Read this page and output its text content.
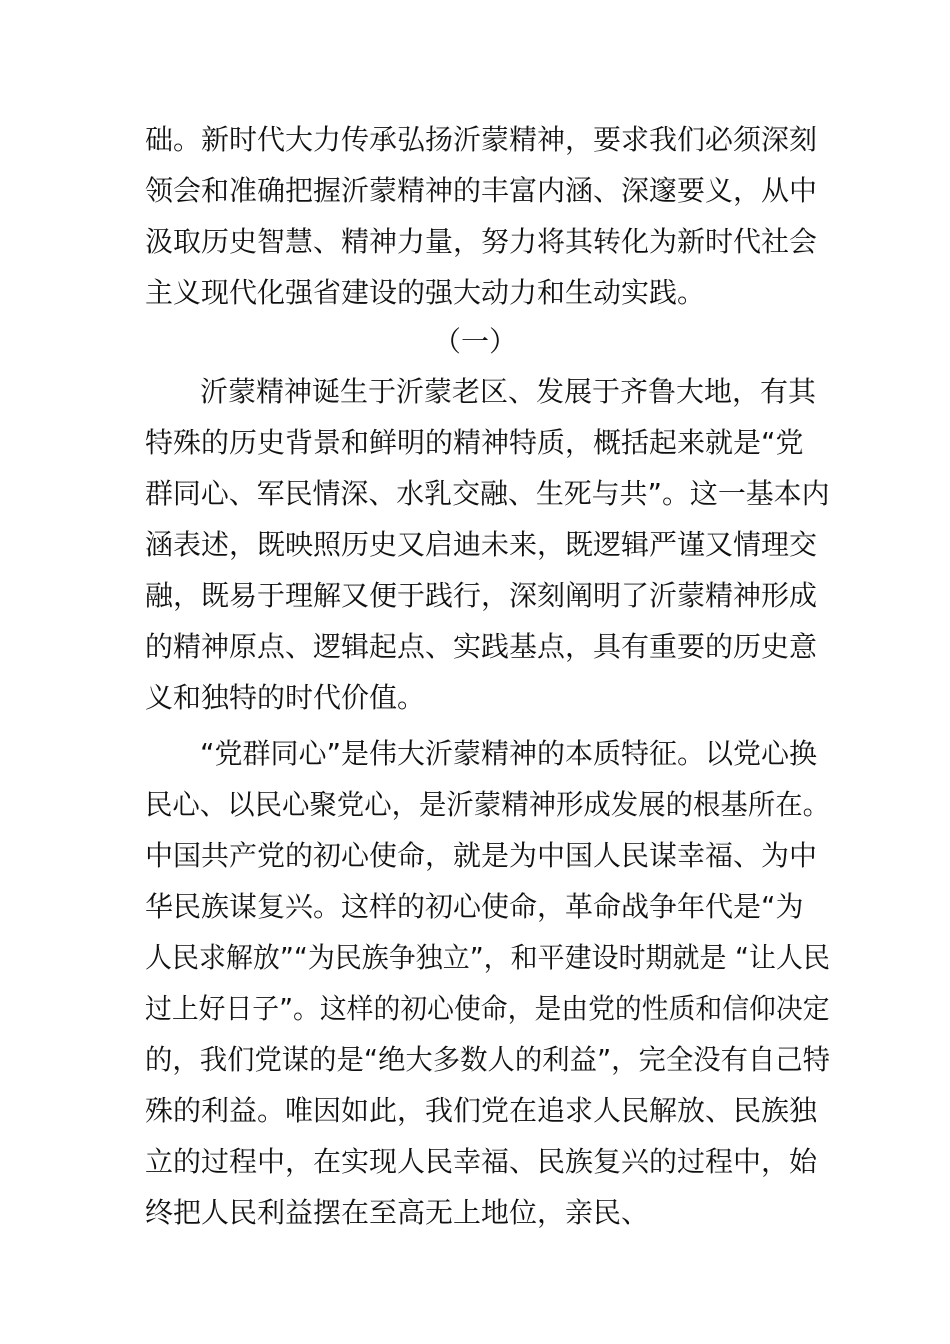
础。新时代大力传承弘扬沂蒙精神，要求我们必须深刻
领会和准确把握沂蒙精神的丰富内涵、深邃要义，从中
汲取历史智慧、精神力量，努力将其转化为新时代社会
主义现代化强省建设的强大动力和生动实践。
（一）
沂蒙精神诞生于沂蒙老区、发展于齐鲁大地，有其
特殊的历史背景和鲜明的精神特质，概括起来就是“党
群同心、军民情深、水乳交融、生死与共”。这一基本内
涵表述，既映照历史又启迪未来，既逻辑严谨又情理交
融，既易于理解又便于践行，深刻阐明了沂蒙精神形成
的精神原点、逻辑起点、实践基点，具有重要的历史意
义和独特的时代价值。
“党群同心”是伟大沂蒙精神的本质特征。以党心换
民心、以民心聚党心，是沂蒙精神形成发展的根基所在。
中国共产党的初心使命，就是为中国人民谋幸福、为中
华民族谋复兴。这样的初心使命，革命战争年代是“为
人民求解放”“为民族争独立”，和平建设时期就是 “让人民
过上好日子”。这样的初心使命，是由党的性质和信仰决定
的，我们党谋的是“绝大多数人的利益”，完全没有自己特
殊的利益。唯因如此，我们党在追求人民解放、民族独
立的过程中，在实现人民幸福、民族复兴的过程中，始
终把人民利益摆在至高无上地位，亲民、
